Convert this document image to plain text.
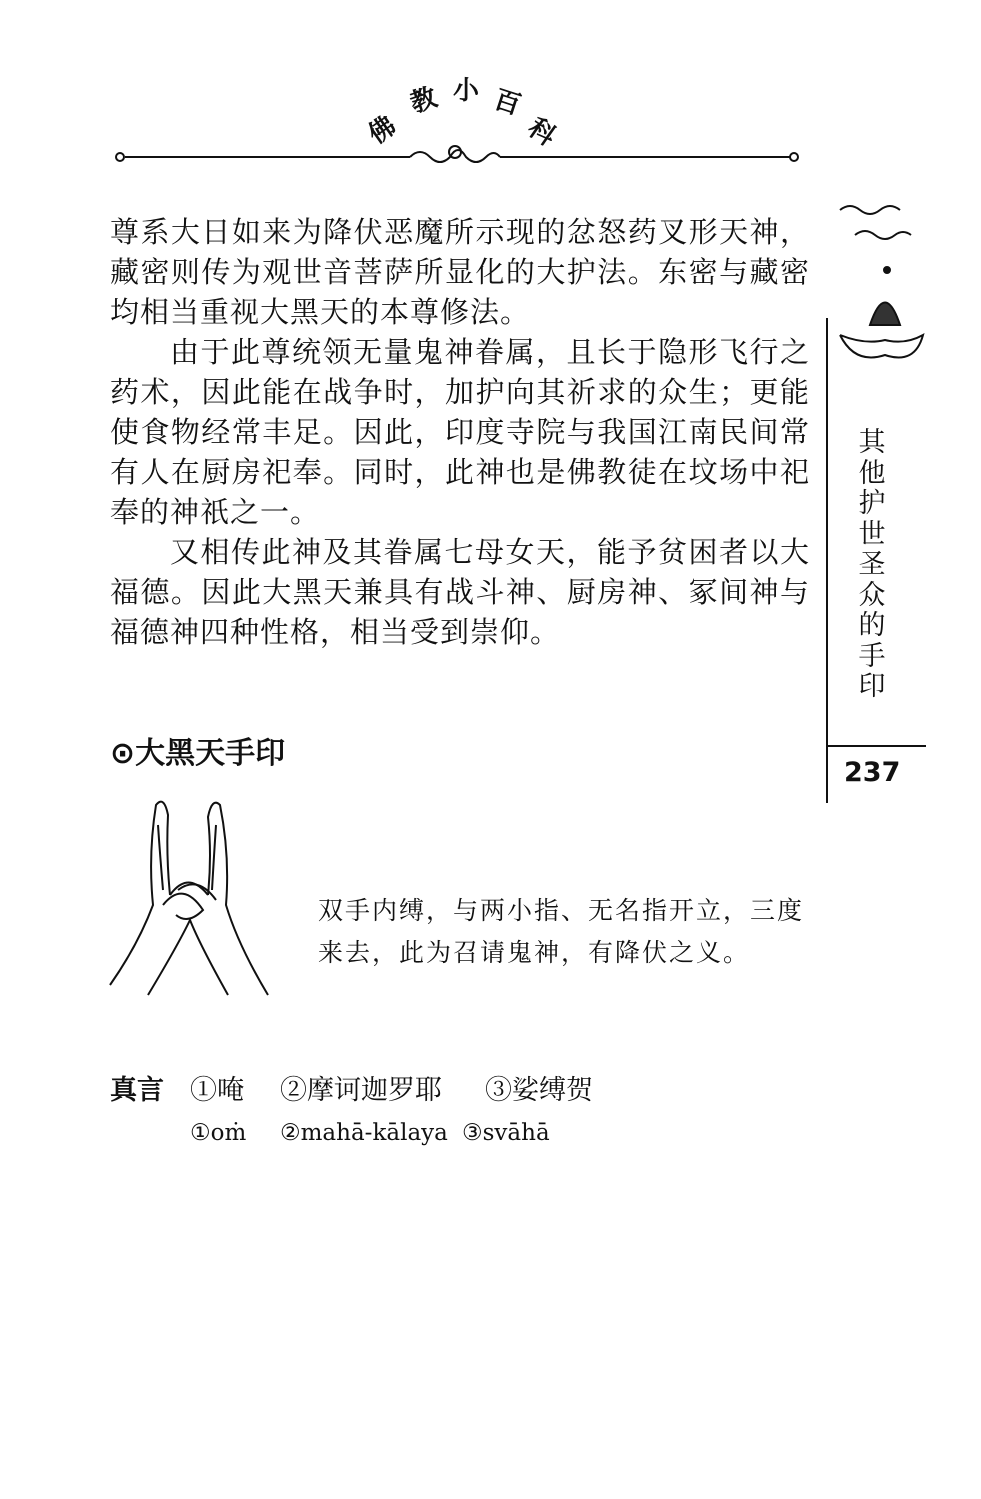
佛
教 小 百
科

尊系大日如来为降伏恶魔所示现的忿怒药叉形天神，藏密则传为观世音菩萨所显化的大护法。东密与藏密均相当重视大黑天的本尊修法。

由于此尊统领无量鬼神眷属，且长于隐形飞行之药术，因此能在战争时，加护向其祈求的众生；更能使食物经常丰足。因此，印度寺院与我国江南民间常有人在厨房祀奉。同时，此神也是佛教徒在坟场中祀奉的神祇之一。

又相传此神及其眷属七母女天，能予贫困者以大福德。因此大黑天兼具有战斗神、厨房神、冢间神与福德神四种性格，相当受到崇仰。

⊙大黑天手印
双手内缚，与两小指、无名指开立，三度来去，此为召请鬼神，有降伏之义。
真言 ①唵 ②摩诃迦罗耶 ③娑缚贺
①oṁ ②mahā-kālaya ③svāhā
其他护世圣众的手印
237
